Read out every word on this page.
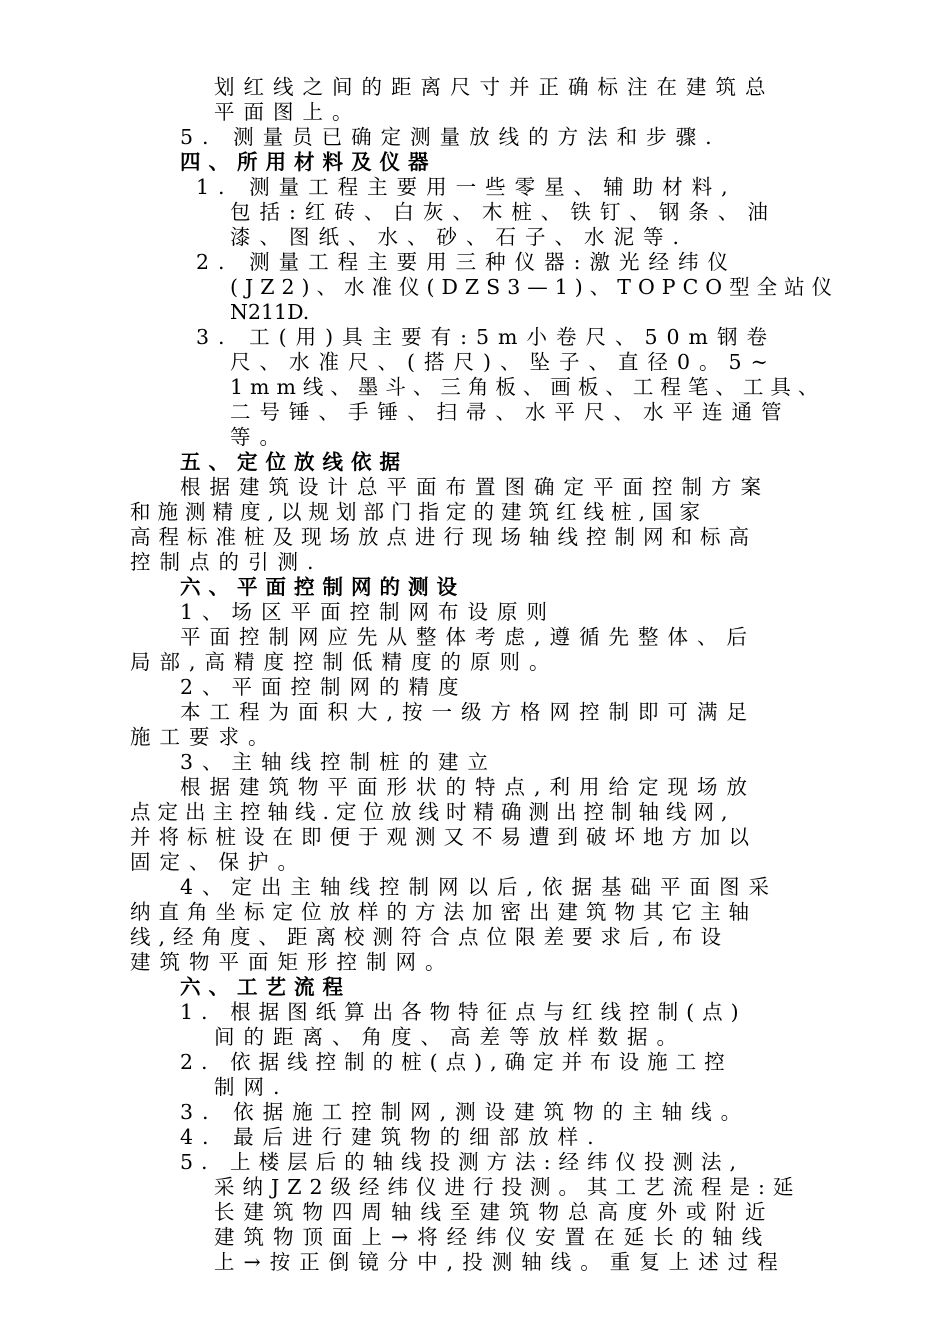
划红线之间的距离尺寸并正确标注在建筑总
平面图上。
5. 测量员已确定测量放线的方法和步骤.
四、所用材料及仪器
1. 测量工程主要用一些零星、辅助材料,
包括:红砖、白灰、木桩、铁钉、钢条、油
漆、图纸、水、砂、石子、水泥等.
2. 测量工程主要用三种仪器:激光经纬仪
(JZ2)、水准仪(DZS3—1)、TOPCO型全站仪
N211D.
3. 工(用)具主要有:5m小卷尺、50m钢卷
尺、水准尺、(搭尺)、坠子、直径0。5~
1mm线、墨斗、三角板、画板、工程笔、工具、
二号锤、手锤、扫帚、水平尺、水平连通管
等。
五、定位放线依据
根据建筑设计总平面布置图确定平面控制方案
和施测精度,以规划部门指定的建筑红线桩,国家
高程标准桩及现场放点进行现场轴线控制网和标高
控制点的引测.
六、平面控制网的测设
1、场区平面控制网布设原则
平面控制网应先从整体考虑,遵循先整体、后
局部,高精度控制低精度的原则。
2、平面控制网的精度
本工程为面积大,按一级方格网控制即可满足
施工要求。
3、主轴线控制桩的建立
根据建筑物平面形状的特点,利用给定现场放
点定出主控轴线.定位放线时精确测出控制轴线网,
并将标桩设在即便于观测又不易遭到破坏地方加以
固定、保护。
4、定出主轴线控制网以后,依据基础平面图采
纳直角坐标定位放样的方法加密出建筑物其它主轴
线,经角度、距离校测符合点位限差要求后,布设
建筑物平面矩形控制网。
六、工艺流程
1. 根据图纸算出各物特征点与红线控制(点)
间的距离、角度、高差等放样数据。
2. 依据线控制的桩(点),确定并布设施工控
制网.
3. 依据施工控制网,测设建筑物的主轴线。
4. 最后进行建筑物的细部放样.
5. 上楼层后的轴线投测方法:经纬仪投测法,
采纳JZ2级经纬仪进行投测。其工艺流程是:延
长建筑物四周轴线至建筑物总高度外或附近
建筑物顶面上→将经纬仪安置在延长的轴线
上→按正倒镜分中,投测轴线。重复上述过程
